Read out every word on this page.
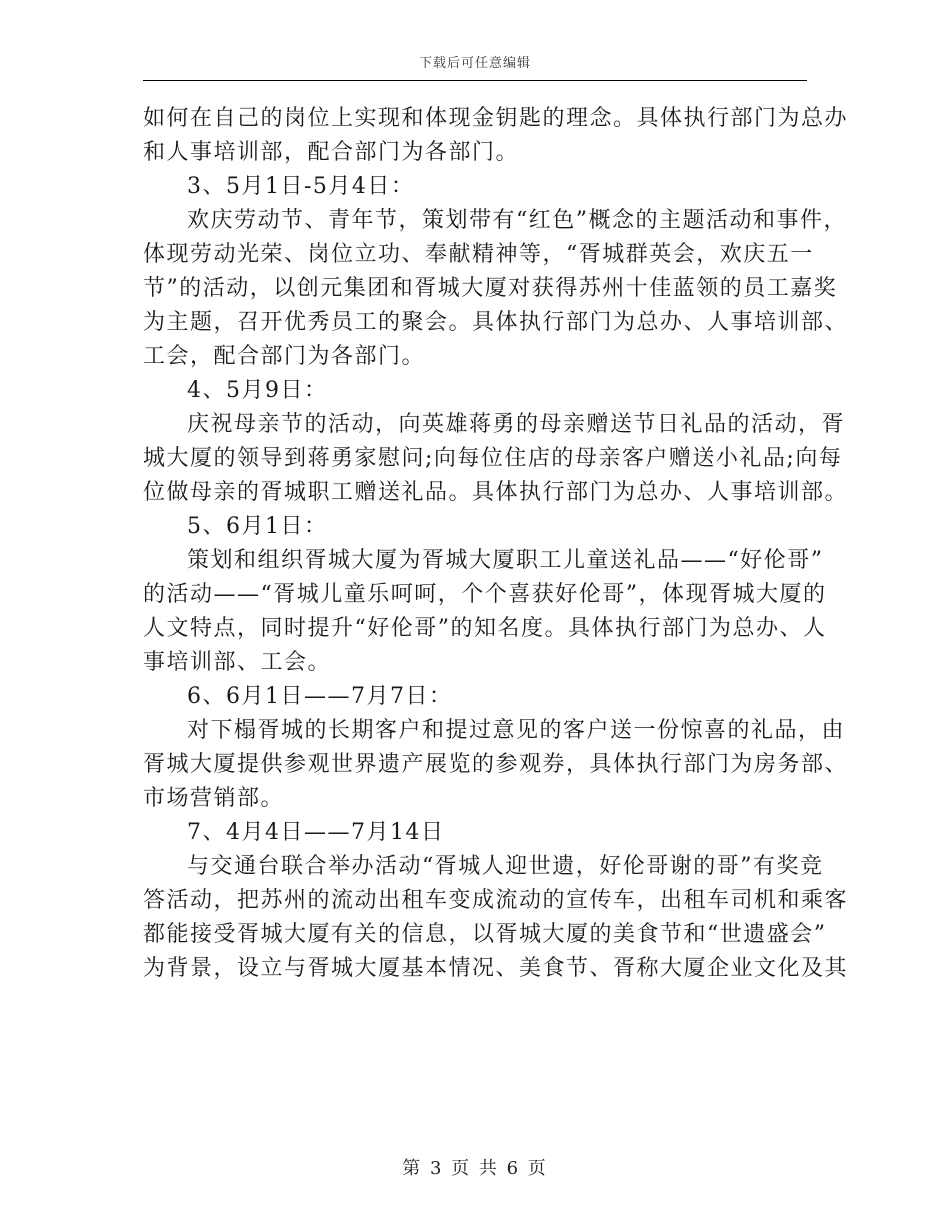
下载后可任意编辑
如何在自己的岗位上实现和体现金钥匙的理念。具体执行部门为总办
和人事培训部，配合部门为各部门。
3、5月1日-5月4日：
欢庆劳动节、青年节，策划带有“红色”概念的主题活动和事件，
体现劳动光荣、岗位立功、奉献精神等，“胥城群英会，欢庆五一
节”的活动，以创元集团和胥城大厦对获得苏州十佳蓝领的员工嘉奖
为主题，召开优秀员工的聚会。具体执行部门为总办、人事培训部、
工会，配合部门为各部门。
4、5月9日：
庆祝母亲节的活动，向英雄蒋勇的母亲赠送节日礼品的活动，胥
城大厦的领导到蒋勇家慰问;向每位住店的母亲客户赠送小礼品;向每
位做母亲的胥城职工赠送礼品。具体执行部门为总办、人事培训部。
5、6月1日：
策划和组织胥城大厦为胥城大厦职工儿童送礼品——“好伦哥”
的活动——“胥城儿童乐呵呵，个个喜获好伦哥”，体现胥城大厦的
人文特点，同时提升“好伦哥”的知名度。具体执行部门为总办、人
事培训部、工会。
6、6月1日——7月7日：
对下榻胥城的长期客户和提过意见的客户送一份惊喜的礼品，由
胥城大厦提供参观世界遗产展览的参观券，具体执行部门为房务部、
市场营销部。
7、4月4日——7月14日
与交通台联合举办活动“胥城人迎世遗，好伦哥谢的哥”有奖竞
答活动，把苏州的流动出租车变成流动的宣传车，出租车司机和乘客
都能接受胥城大厦有关的信息，以胥城大厦的美食节和“世遗盛会”
为背景，设立与胥城大厦基本情况、美食节、胥称大厦企业文化及其
第 3 页 共 6 页
